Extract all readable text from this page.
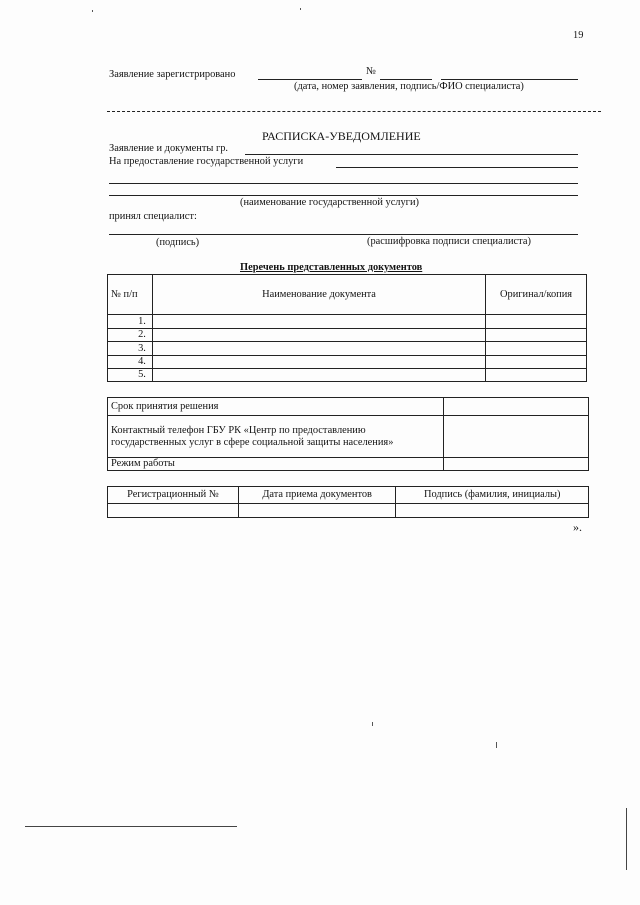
19
Заявление зарегистрировано	№
(дата, номер заявления, подпись/ФИО специалиста)
РАСПИСКА-УВЕДОМЛЕНИЕ
Заявление и документы гр.
На предоставление государственной услуги
(наименование государственной услуги)
принял специалист:
(подпись)	(расшифровка подписи специалиста)
Перечень представленных документов
№ п/п	Наименование документа	Оригинал/копия
1.		
2.		
3.		
4.		
5.		
Срок принятия решения	
Контактный телефон ГБУ РК «Центр по предоставлению государственных услуг в сфере социальной защиты населения»	
Режим работы	
Регистрационный №	Дата приема документов	Подпись (фамилия, инициалы)

».
